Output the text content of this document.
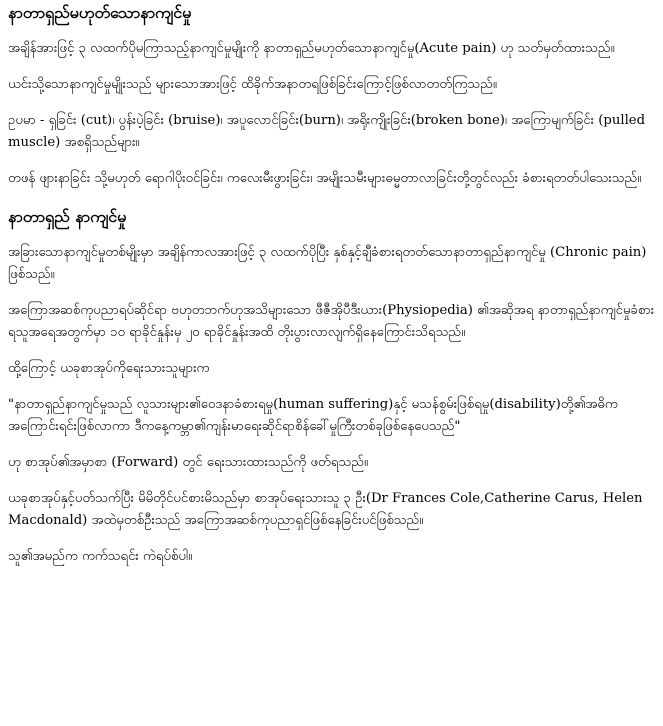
နာတာရှည်မဟုတ်သောနာကျင်မှု

အချိန်အားဖြင့် ၃ လထက်ပိုမကြာသည့်နာကျင်မှုမျိုးကို နာတာရှည်မဟုတ်သောနာကျင်မှု(Acute pain) ဟု သတ်မှတ်ထားသည်။

ယင်းသို့သောနာကျင်မှုမျိုးသည် များသောအားဖြင့် ထိခိုက်အနာတရဖြစ်ခြင်းကြောင့်ဖြစ်လာတတ်ကြသည်။

ဥပမာ - ရှခြင်း (cut)၊ ပွန်းပဲ့ခြင်း (bruise)၊ အပူလောင်ခြင်း(burn)၊ အရိုးကျိုးခြင်း(broken bone)၊ အကြောမျက်ခြင်း (pulled muscle) အစရှိသည်များ။

တဖန် ဖျားနာခြင်း သို့မဟုတ် ရောဂါပိုးဝင်ခြင်း၊ ကလေးမီးဖွားခြင်း၊ အမျိုးသမီးများဓမ္မတာလာခြင်းတို့တွင်လည်း ခံစားရတတ်ပါသေးသည်။

နာတာရှည် နာကျင်မှု

အခြားသောနာကျင်မှုတစ်မျိုးမှာ အချိန်ကာလအားဖြင့် ၃ လထက်ပိုပြီး နှစ်နှင့်ချီခံစားရတတ်သောနာတာရှည်နာကျင်မှု (Chronic pain) ဖြစ်သည်။

အကြောအဆစ်ကုပညာရပ်ဆိုင်ရာ ဗဟုတဘက်ဟုအသိများသော ဖီဇီအိုပီဒီးယား(Physiopedia) ၏အဆိုအရ နာတာရှည်နာကျင်မှုခံစားရသူအရေအတွက်မှာ ၁၀ ရာခိုင်နှုန်းမှ ၂၀ ရာခိုင်နှုန်းအထိ တိုးပွားလာလျက်ရှိနေကြောင်းသိရသည်။

ထို့ကြောင့် ယခုစာအုပ်ကိုရေးသားသူများက

"နာတာရှည်နာကျင်မှုသည် လူသားများ၏ဝေဒနာခံစားရမှု(human suffering)နှင့် မသန်စွမ်းဖြစ်ရမှု(disability)တို့၏အဓိကအကြောင်းရင်းဖြစ်လာကာ ဒီကနေ့ကမ္ဘာ၏ကျန်းမာရေးဆိုင်ရာစိန်ခေါ်မှုကြီးတစ်ခုဖြစ်နေပေသည်"

ဟု စာအုပ်၏အမှာစာ (Forward) တွင် ရေးသားထားသည်ကို ဖတ်ရသည်။

ယခုစာအုပ်နှင့်ပတ်သက်ပြီး မိမိတိုင်ပင်စားမိသည်မှာ စာအုပ်ရေးသားသူ ၃ ဦး(Dr Frances Cole,Catherine Carus, Helen Macdonald) အထဲမှတစ်ဦးသည် အကြောအဆစ်ကုပညာရှင်ဖြစ်နေခြင်းပင်ဖြစ်သည်။

သူ၏အမည်က ကက်သရင်း ကဲရပ်စ်ပါ။
